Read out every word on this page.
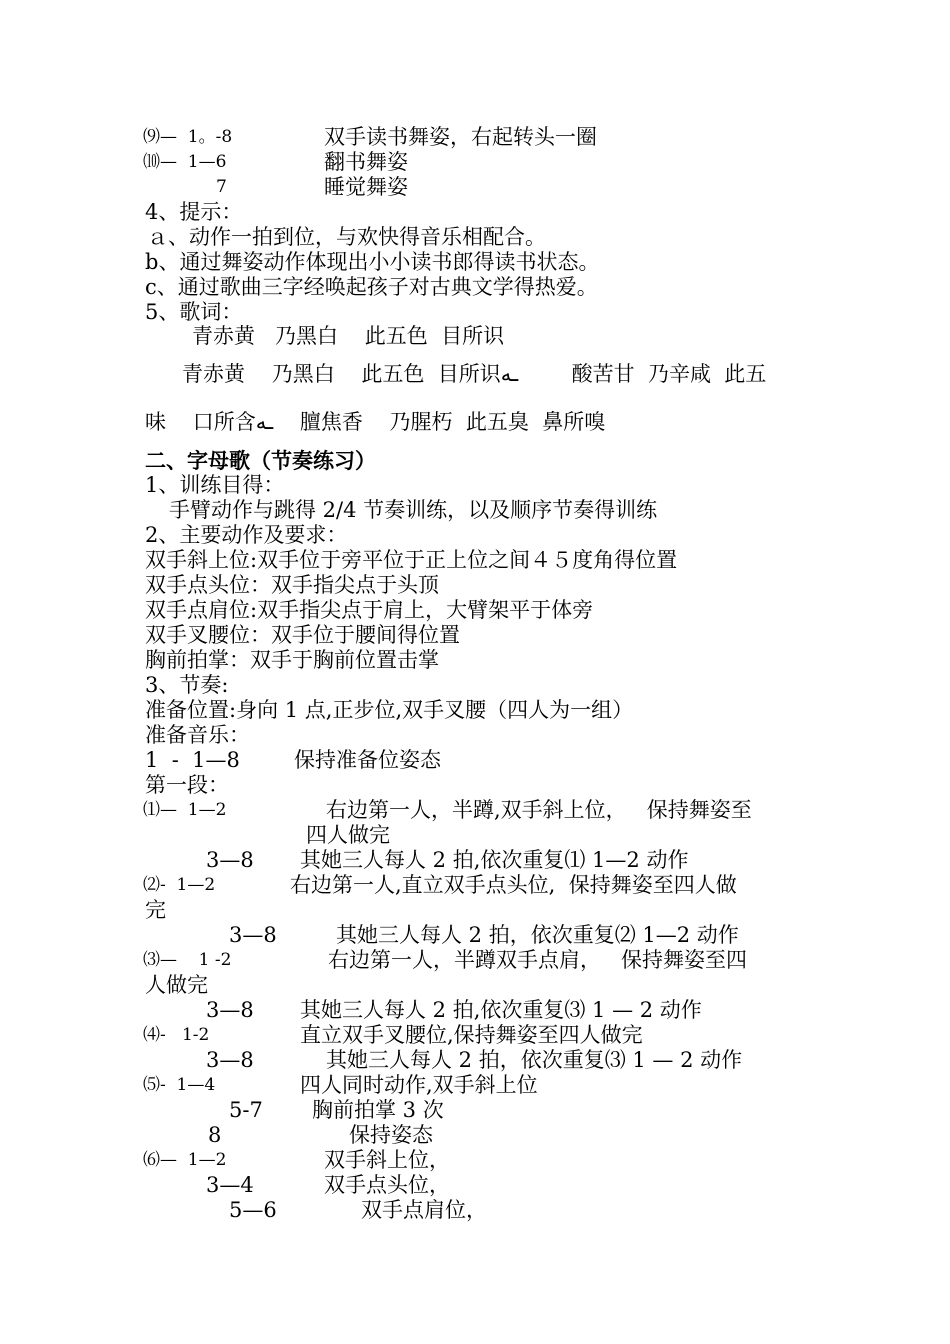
⑼—  1。-8	双手读书舞姿，右起转头一圈
⑽—  1—6	翻书舞姿
7	睡觉舞姿
4、提示：
ａ、动作一拍到位，与欢快得音乐相配合。
b、通过舞姿动作体现出小小读书郎得读书状态。
c、通过歌曲三字经唤起孩子对古典文学得热爱。
5、歌词：
青赤黄   乃黑白    此五色  目所识
青赤黄    乃黑白    此五色  目所识ـه        酸苦甘  乃辛咸  此五
味    口所含ـه    膻焦香    乃腥朽  此五臭  鼻所嗅
二、字母歌（节奏练习）
1、训练目得：
手臂动作与跳得 2/4 节奏训练，以及顺序节奏得训练
2、主要动作及要求：
双手斜上位:双手位于旁平位于正上位之间４５度角得位置
双手点头位：双手指尖点于头顶
双手点肩位:双手指尖点于肩上，大臂架平于体旁
双手叉腰位：双手位于腰间得位置
胸前拍掌：双手于胸前位置击掌
3、节奏:
准备位置:身向 1 点,正步位,双手叉腰（四人为一组）
准备音乐：
1  -  1—8	保持准备位姿态
第一段：
⑴—  1—2	右边第一人，半蹲,双手斜上位，   保持舞姿至
四人做完
3—8 其她三人每人 2 拍,依次重复⑴ 1—2 动作
⑵-  1—2	右边第一人,直立双手点头位,  保持舞姿至四人做
完
3—8	其她三人每人 2 拍，依次重复⑵ 1—2 动作
⑶—    1 -2	右边第一人，半蹲双手点肩，   保持舞姿至四
人做完
3—8 其她三人每人 2 拍,依次重复⑶ 1 — 2 动作
⑷-   1-2	直立双手叉腰位,保持舞姿至四人做完
3—8	其她三人每人 2 拍，依次重复⑶ 1 — 2 动作
⑸-  1—4	四人同时动作,双手斜上位
5-7 胸前拍掌 3 次
8	保持姿态
⑹—  1—2	双手斜上位，
3—4	双手点头位，
5—6	双手点肩位，
